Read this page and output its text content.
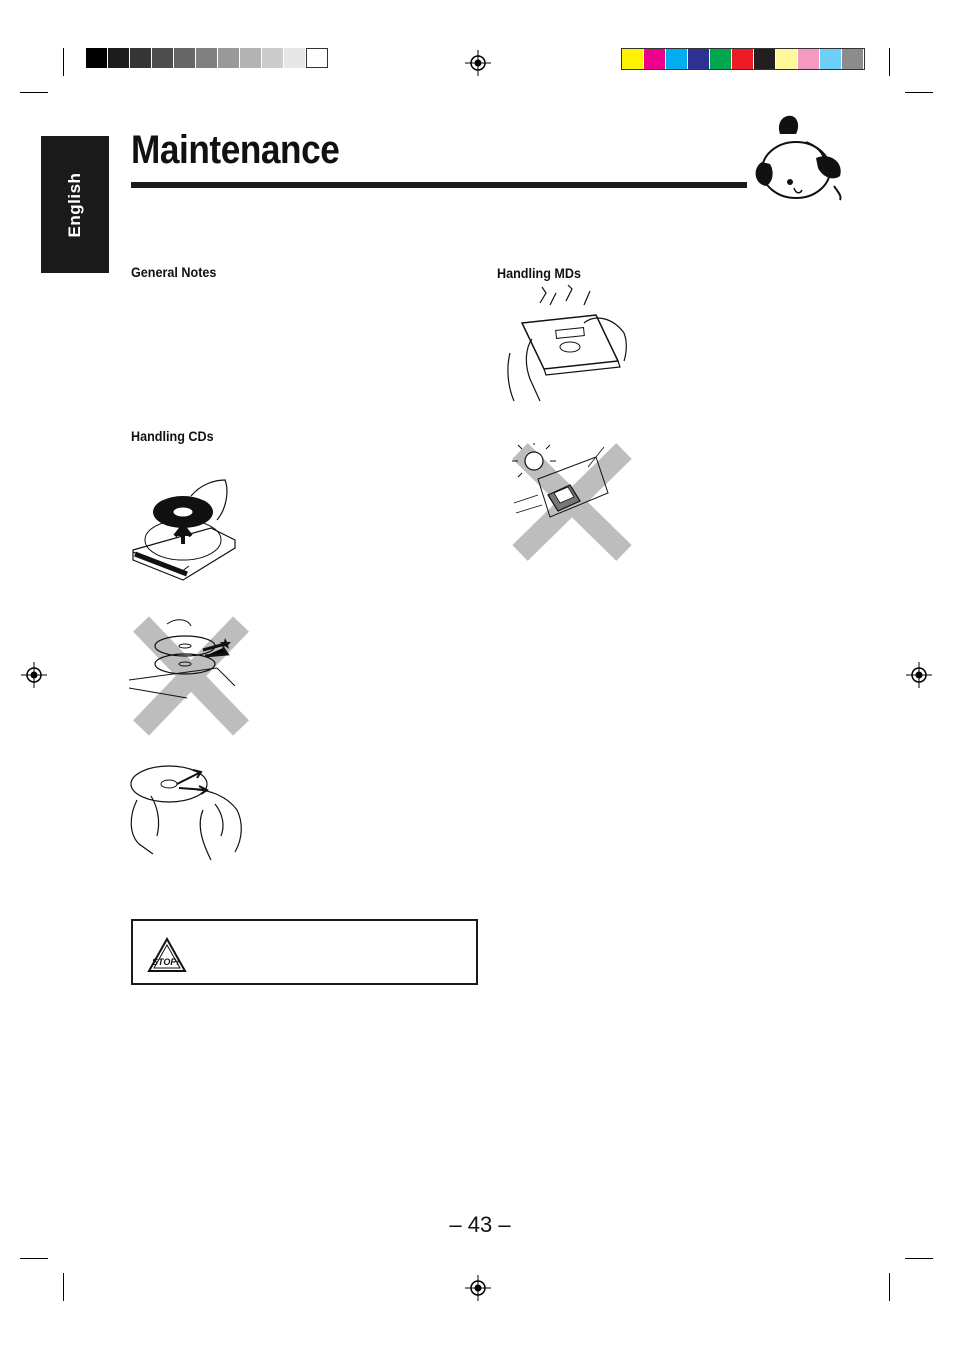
English
Maintenance
General Notes	Handling MDs
Handling CDs
STOP!
– 43 –
